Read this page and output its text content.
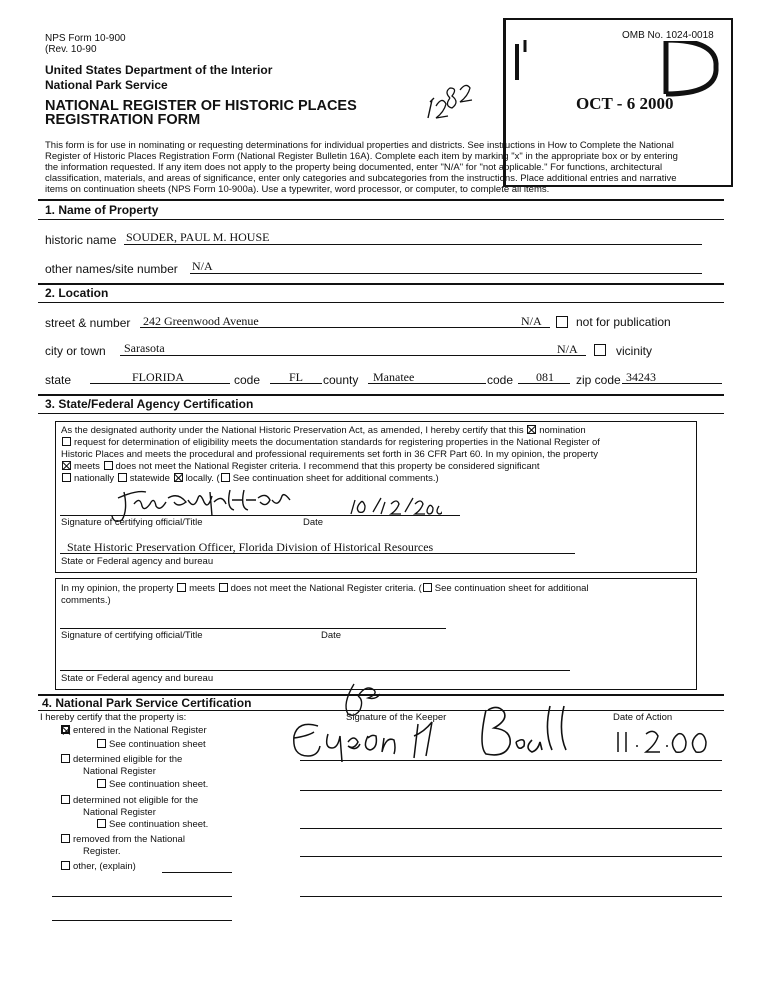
NPS Form 10-900
(Rev. 10-90
United States Department of the Interior
National Park Service
NATIONAL REGISTER OF HISTORIC PLACES
REGISTRATION FORM
OMB No. 1024-0018
OCT - 6 2000
This form is for use in nominating or requesting determinations for individual properties and districts. See instructions in How to Complete the National
Register of Historic Places Registration Form (National Register Bulletin 16A). Complete each item by marking "x" in the appropriate box or by entering
the information requested. If any item does not apply to the property being documented, enter "N/A" for "not applicable." For functions, architectural
classification, materials, and areas of significance, enter only categories and subcategories from the instructions. Place additional entries and narrative
items on continuation sheets (NPS Form 10-900a). Use a typewriter, word processor, or computer, to complete all items.
1. Name of Property
historic name SOUDER, PAUL M. HOUSE
other names/site number N/A
2. Location
street & number 242 Greenwood Avenue	N/A	not for publication
city or town Sarasota	N/A	vicinity
state	FLORIDA	code FL county Manatee	code 081 zip code 34243
3. State/Federal Agency Certification
As the designated authority under the National Historic Preservation Act, as amended, I hereby certify that this nomination
request for determination of eligibility meets the documentation standards for registering properties in the National Register of
Historic Places and meets the procedural and professional requirements set forth in 36 CFR Part 60. In my opinion, the property
meets does not meet the National Register criteria. I recommend that this property be considered significant
nationally statewide locally. ( See continuation sheet for additional comments.)
Signature of certifying official/Title	Date
State Historic Preservation Officer, Florida Division of Historical Resources
State or Federal agency and bureau
In my opinion, the property meets does not meet the National Register criteria. ( See continuation sheet for additional
comments.)
Signature of certifying official/Title	Date
State or Federal agency and bureau
4. National Park Service Certification
I hereby certify that the property is:	Signature of the Keeper	Date of Action
entered in the National Register
See continuation sheet
determined eligible for the
National Register
See continuation sheet.
determined not eligible for the
National Register
See continuation sheet.
removed from the National
Register.
other, (explain)
